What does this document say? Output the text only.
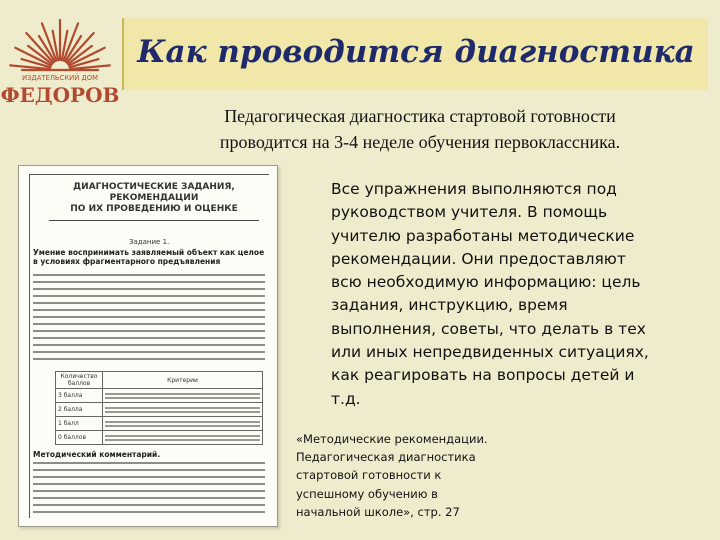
ИЗДАТЕЛЬСКИЙ ДОМ
ФЕДОРОВ
Как проводится диагностика
Педагогическая диагностика стартовой готовности
проводится на 3-4 неделе обучения первоклассника.
ДИАГНОСТИЧЕСКИЕ ЗАДАНИЯ,
РЕКОМЕНДАЦИИ
ПО ИХ ПРОВЕДЕНИЮ И ОЦЕНКЕ
Задание 1.
Умение воспринимать заявляемый объект как целое в условиях фрагментарного предъявления
Количество баллов	Критерии
3 балла	

2 балла	

1 балл	

0 баллов	
Методический комментарий.
Все упражнения выполняются под
руководством учителя. В помощь
учителю разработаны методические
рекомендации. Они предоставляют
всю необходимую информацию: цель
задания, инструкцию, время
выполнения, советы, что делать в тех
или иных непредвиденных ситуациях,
как реагировать на вопросы детей и
т.д.
«Методические рекомендации.
Педагогическая диагностика
стартовой готовности к
успешному обучению в
начальной школе», стр. 27
